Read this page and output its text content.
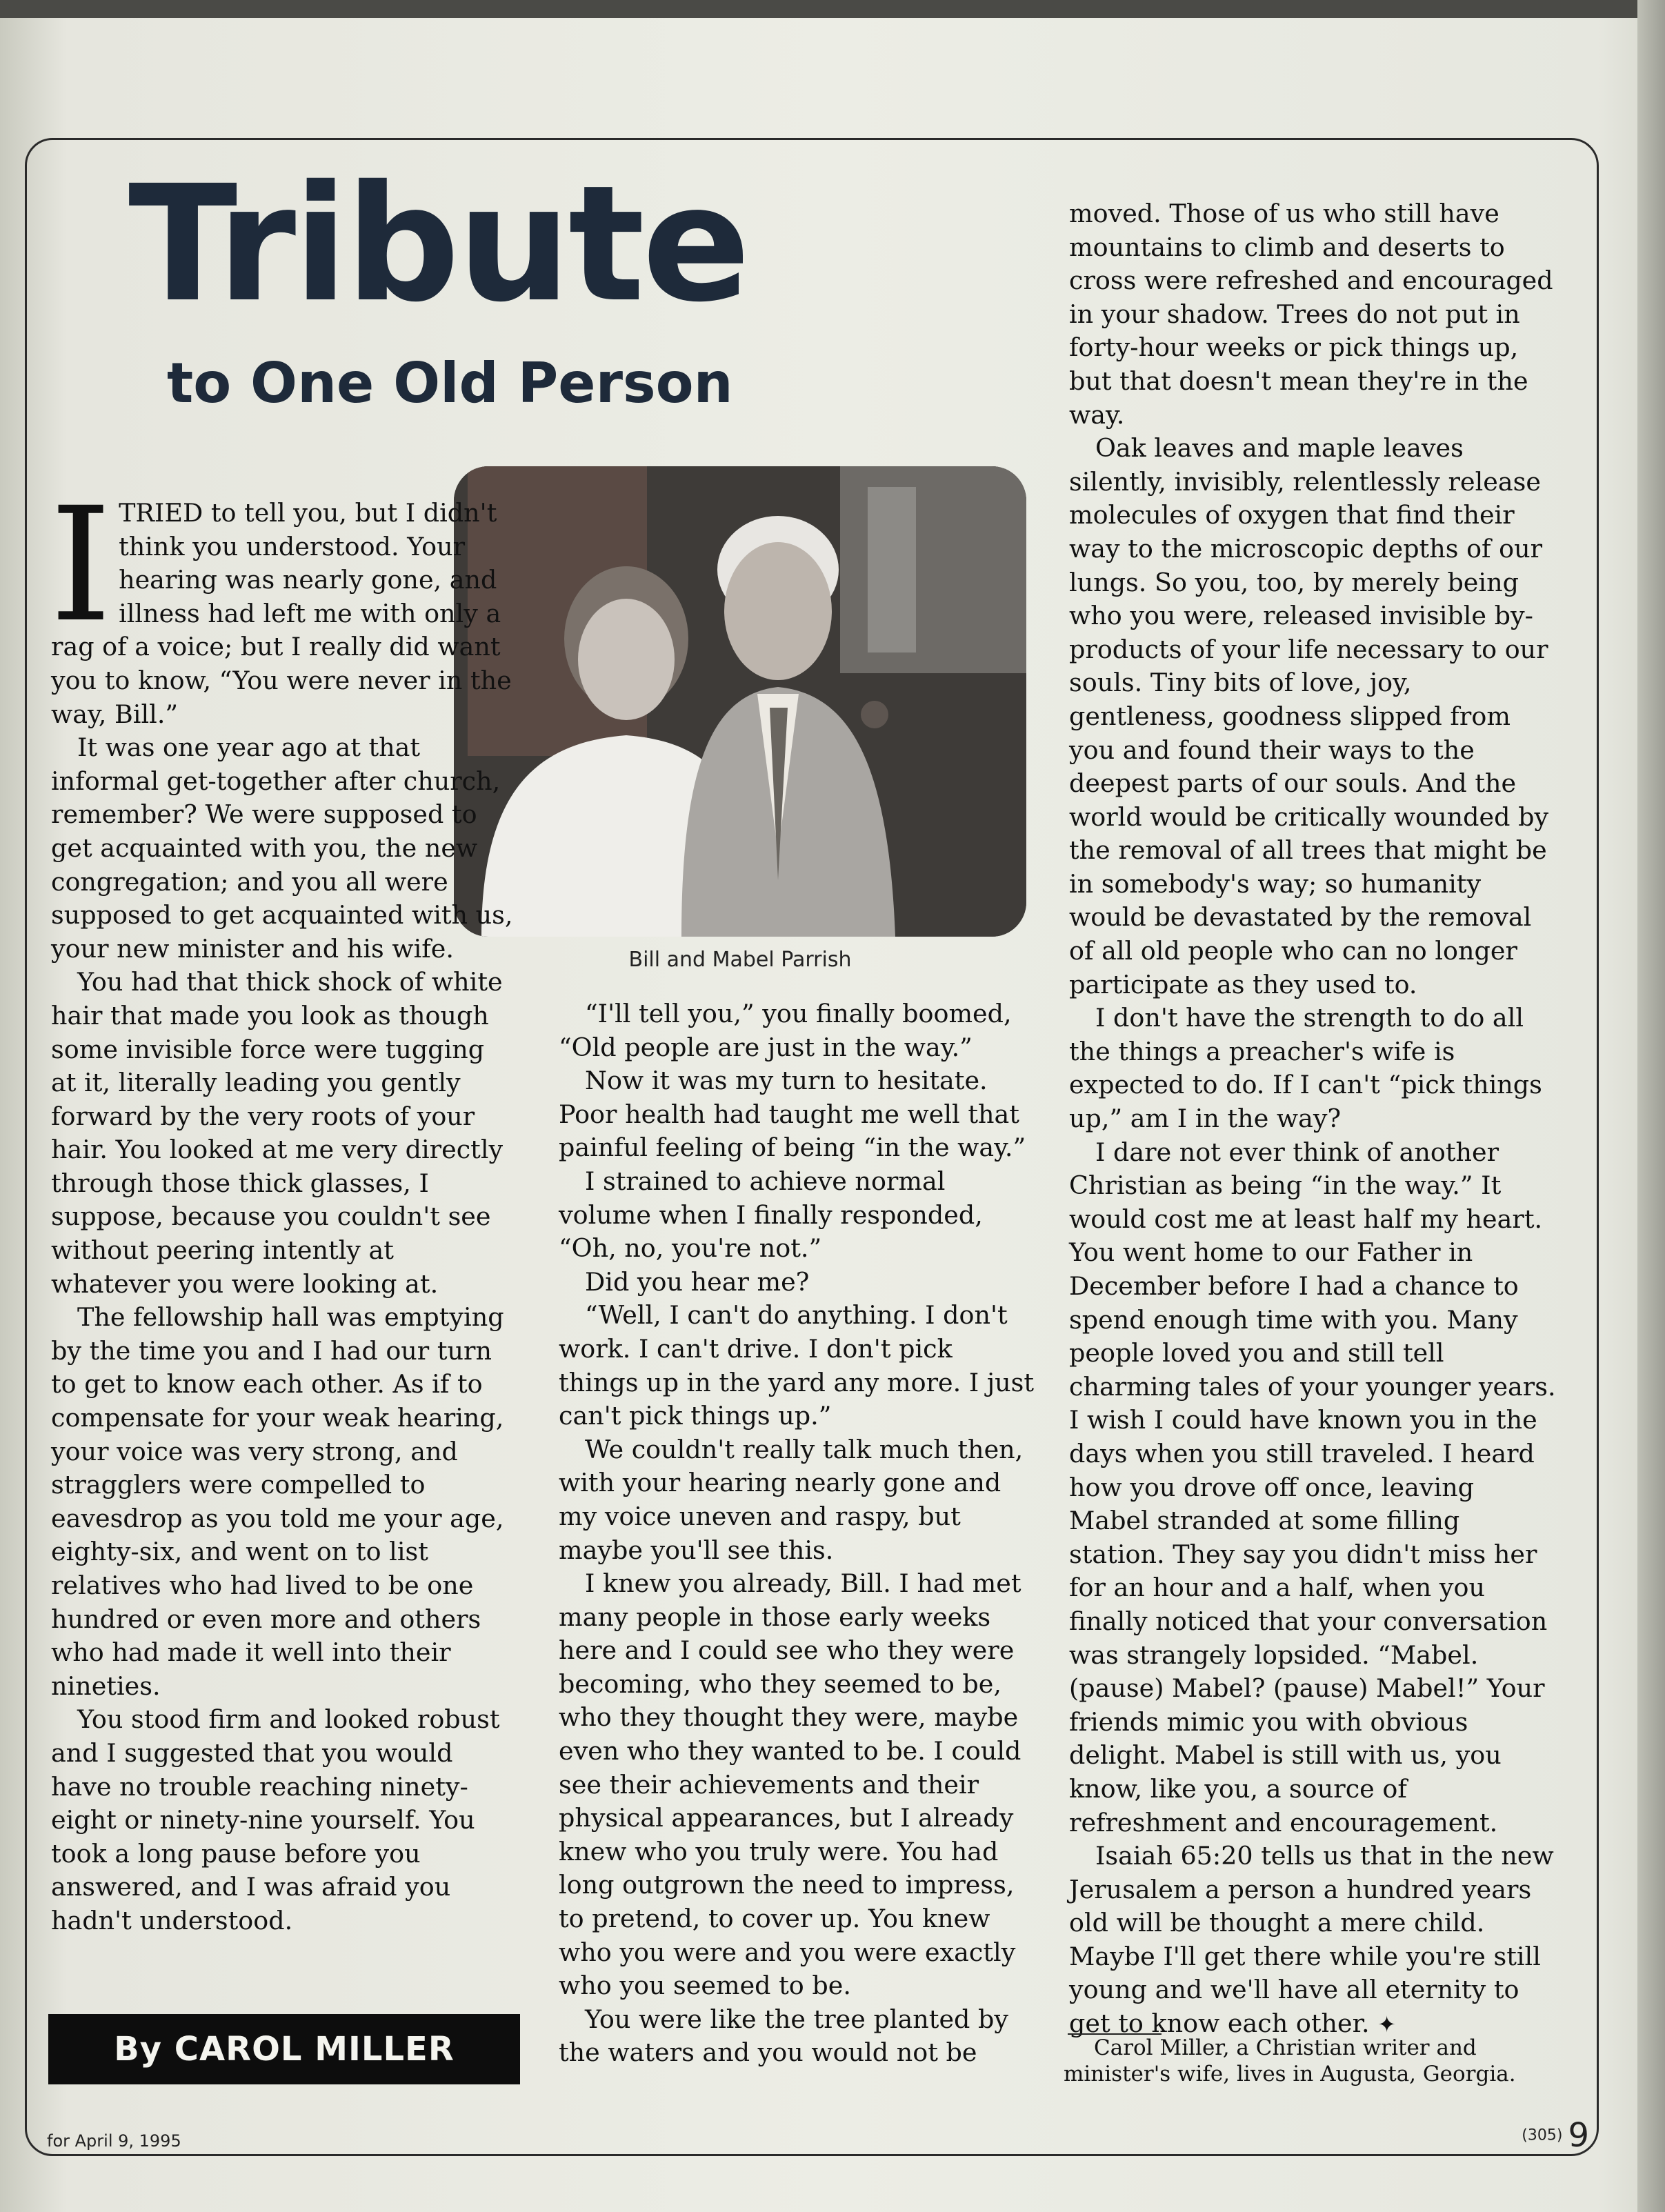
Tribute
to One Old Person
Bill and Mabel Parrish

ITRIED to tell you, but I didn't think you understood. Your hearing was nearly gone, and illness had left me with only a rag of a voice; but I really did want you to know, “You were never in the way, Bill.”

It was one year ago at that informal get-together after church, remember? We were supposed to get acquainted with you, the new congregation; and you all were supposed to get acquainted with us, your new minister and his wife.

You had that thick shock of white hair that made you look as though some invisible force were tugging at it, literally leading you gently forward by the very roots of your hair. You looked at me very directly through those thick glasses, I suppose, because you couldn't see without peering intently at whatever you were looking at.

The fellowship hall was emptying by the time you and I had our turn to get to know each other. As if to compensate for your weak hearing, your voice was very strong, and stragglers were compelled to eavesdrop as you told me your age, eighty-six, and went on to list relatives who had lived to be one hundred or even more and others who had made it well into their nineties.

You stood firm and looked robust and I suggested that you would have no trouble reaching ninety-eight or ninety-nine yourself. You took a long pause before you answered, and I was afraid you hadn't understood.

“I'll tell you,” you finally boomed, “Old people are just in the way.”

Now it was my turn to hesitate. Poor health had taught me well that painful feeling of being “in the way.”

I strained to achieve normal volume when I finally responded, “Oh, no, you're not.”

Did you hear me?

“Well, I can't do anything. I don't work. I can't drive. I don't pick things up in the yard any more. I just can't pick things up.”

We couldn't really talk much then, with your hearing nearly gone and my voice uneven and raspy, but maybe you'll see this.

I knew you already, Bill. I had met many people in those early weeks here and I could see who they were becoming, who they seemed to be, who they thought they were, maybe even who they wanted to be. I could see their achievements and their physical appearances, but I already knew who you truly were. You had long outgrown the need to impress, to pretend, to cover up. You knew who you were and you were exactly who you seemed to be.

You were like the tree planted by the waters and you would not be

moved. Those of us who still have mountains to climb and deserts to cross were refreshed and encouraged in your shadow. Trees do not put in forty-hour weeks or pick things up, but that doesn't mean they're in the way.

Oak leaves and maple leaves silently, invisibly, relentlessly release molecules of oxygen that find their way to the microscopic depths of our lungs. So you, too, by merely being who you were, released invisible by-products of your life necessary to our souls. Tiny bits of love, joy, gentleness, goodness slipped from you and found their ways to the deepest parts of our souls. And the world would be critically wounded by the removal of all trees that might be in somebody's way; so humanity would be devastated by the removal of all old people who can no longer participate as they used to.

I don't have the strength to do all the things a preacher's wife is expected to do. If I can't “pick things up,” am I in the way?

I dare not ever think of another Christian as being “in the way.” It would cost me at least half my heart. You went home to our Father in December before I had a chance to spend enough time with you. Many people loved you and still tell charming tales of your younger years. I wish I could have known you in the days when you still traveled. I heard how you drove off once, leaving Mabel stranded at some filling station. They say you didn't miss her for an hour and a half, when you finally noticed that your conversation was strangely lopsided. “Mabel. (pause) Mabel? (pause) Mabel!” Your friends mimic you with obvious delight. Mabel is still with us, you know, like you, a source of refreshment and encouragement.

Isaiah 65:20 tells us that in the new Jerusalem a person a hundred years old will be thought a mere child. Maybe I'll get there while you're still young and we'll have all eternity to get to know each other. ✦

Carol Miller, a Christian writer and minister's wife, lives in Augusta, Georgia.
By CAROL MILLER
for April 9, 1995	(305) 9
